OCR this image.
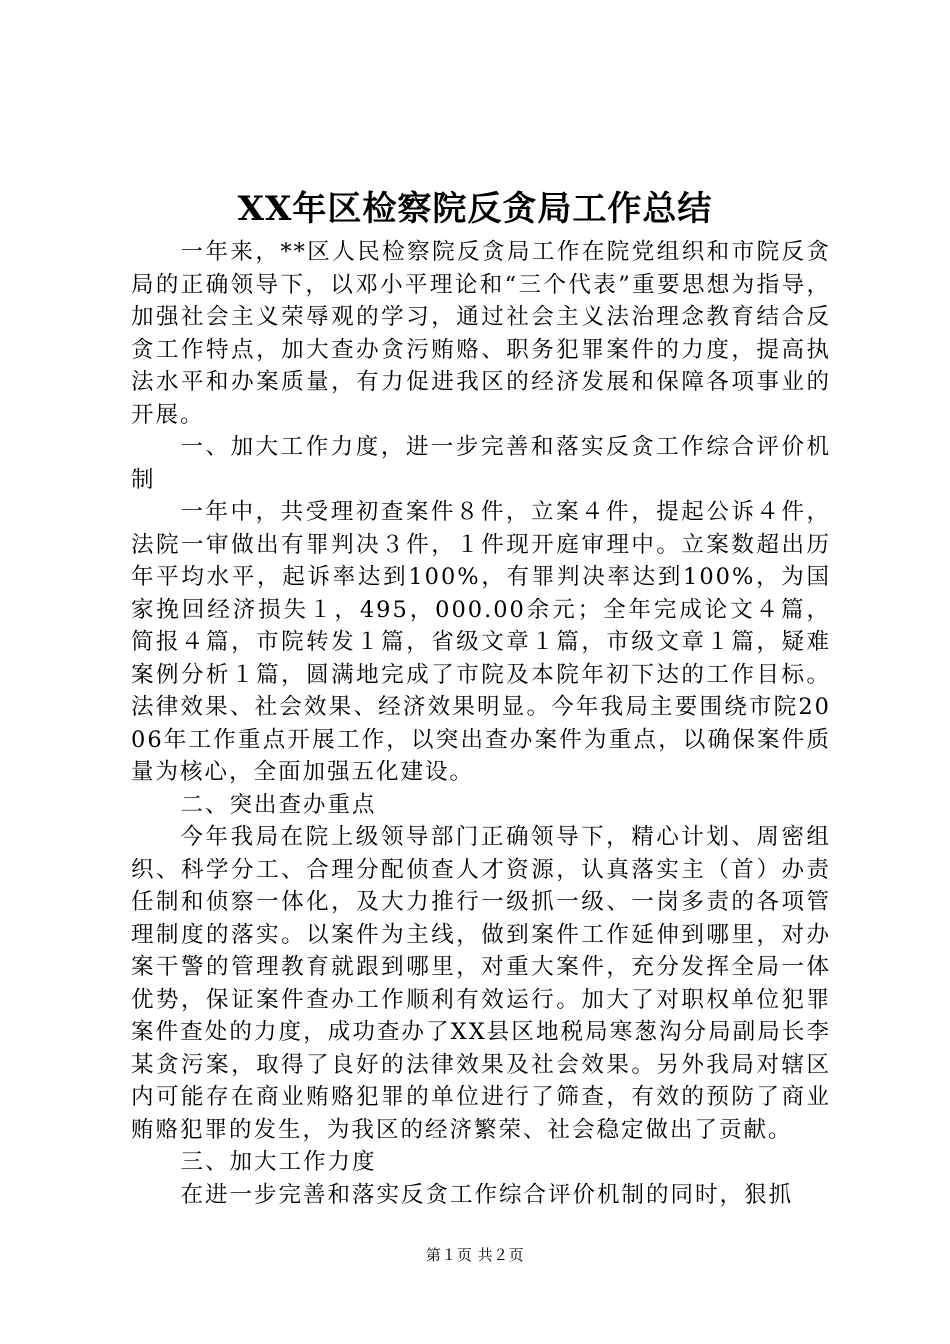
XX年区检察院反贪局工作总结

一年来，**区人民检察院反贪局工作在院党组织和市院反贪局的正确领导下，以邓小平理论和“三个代表”重要思想为指导，加强社会主义荣辱观的学习，通过社会主义法治理念教育结合反贪工作特点，加大查办贪污贿赂、职务犯罪案件的力度，提高执法水平和办案质量，有力促进我区的经济发展和保障各项事业的开展。

一、加大工作力度，进一步完善和落实反贪工作综合评价机制

一年中，共受理初查案件８件，立案４件，提起公诉４件，法院一审做出有罪判决３件，１件现开庭审理中。立案数超出历年平均水平，起诉率达到100%，有罪判决率达到100%，为国家挽回经济损失１，495，000.00余元；全年完成论文４篇，简报４篇，市院转发１篇，省级文章１篇，市级文章１篇，疑难案例分析１篇，圆满地完成了市院及本院年初下达的工作目标。法律效果、社会效果、经济效果明显。今年我局主要围绕市院2006年工作重点开展工作，以突出查办案件为重点，以确保案件质量为核心，全面加强五化建设。

二、突出查办重点

今年我局在院上级领导部门正确领导下，精心计划、周密组织、科学分工、合理分配侦查人才资源，认真落实主（首）办责任制和侦察一体化，及大力推行一级抓一级、一岗多责的各项管理制度的落实。以案件为主线，做到案件工作延伸到哪里，对办案干警的管理教育就跟到哪里，对重大案件，充分发挥全局一体优势，保证案件查办工作顺利有效运行。加大了对职权单位犯罪案件查处的力度，成功查办了XX县区地税局寒葱沟分局副局长李某贪污案，取得了良好的法律效果及社会效果。另外我局对辖区内可能存在商业贿赂犯罪的单位进行了筛查，有效的预防了商业贿赂犯罪的发生，为我区的经济繁荣、社会稳定做出了贡献。

三、加大工作力度

在进一步完善和落实反贪工作综合评价机制的同时，狠抓

第１页 共２页
